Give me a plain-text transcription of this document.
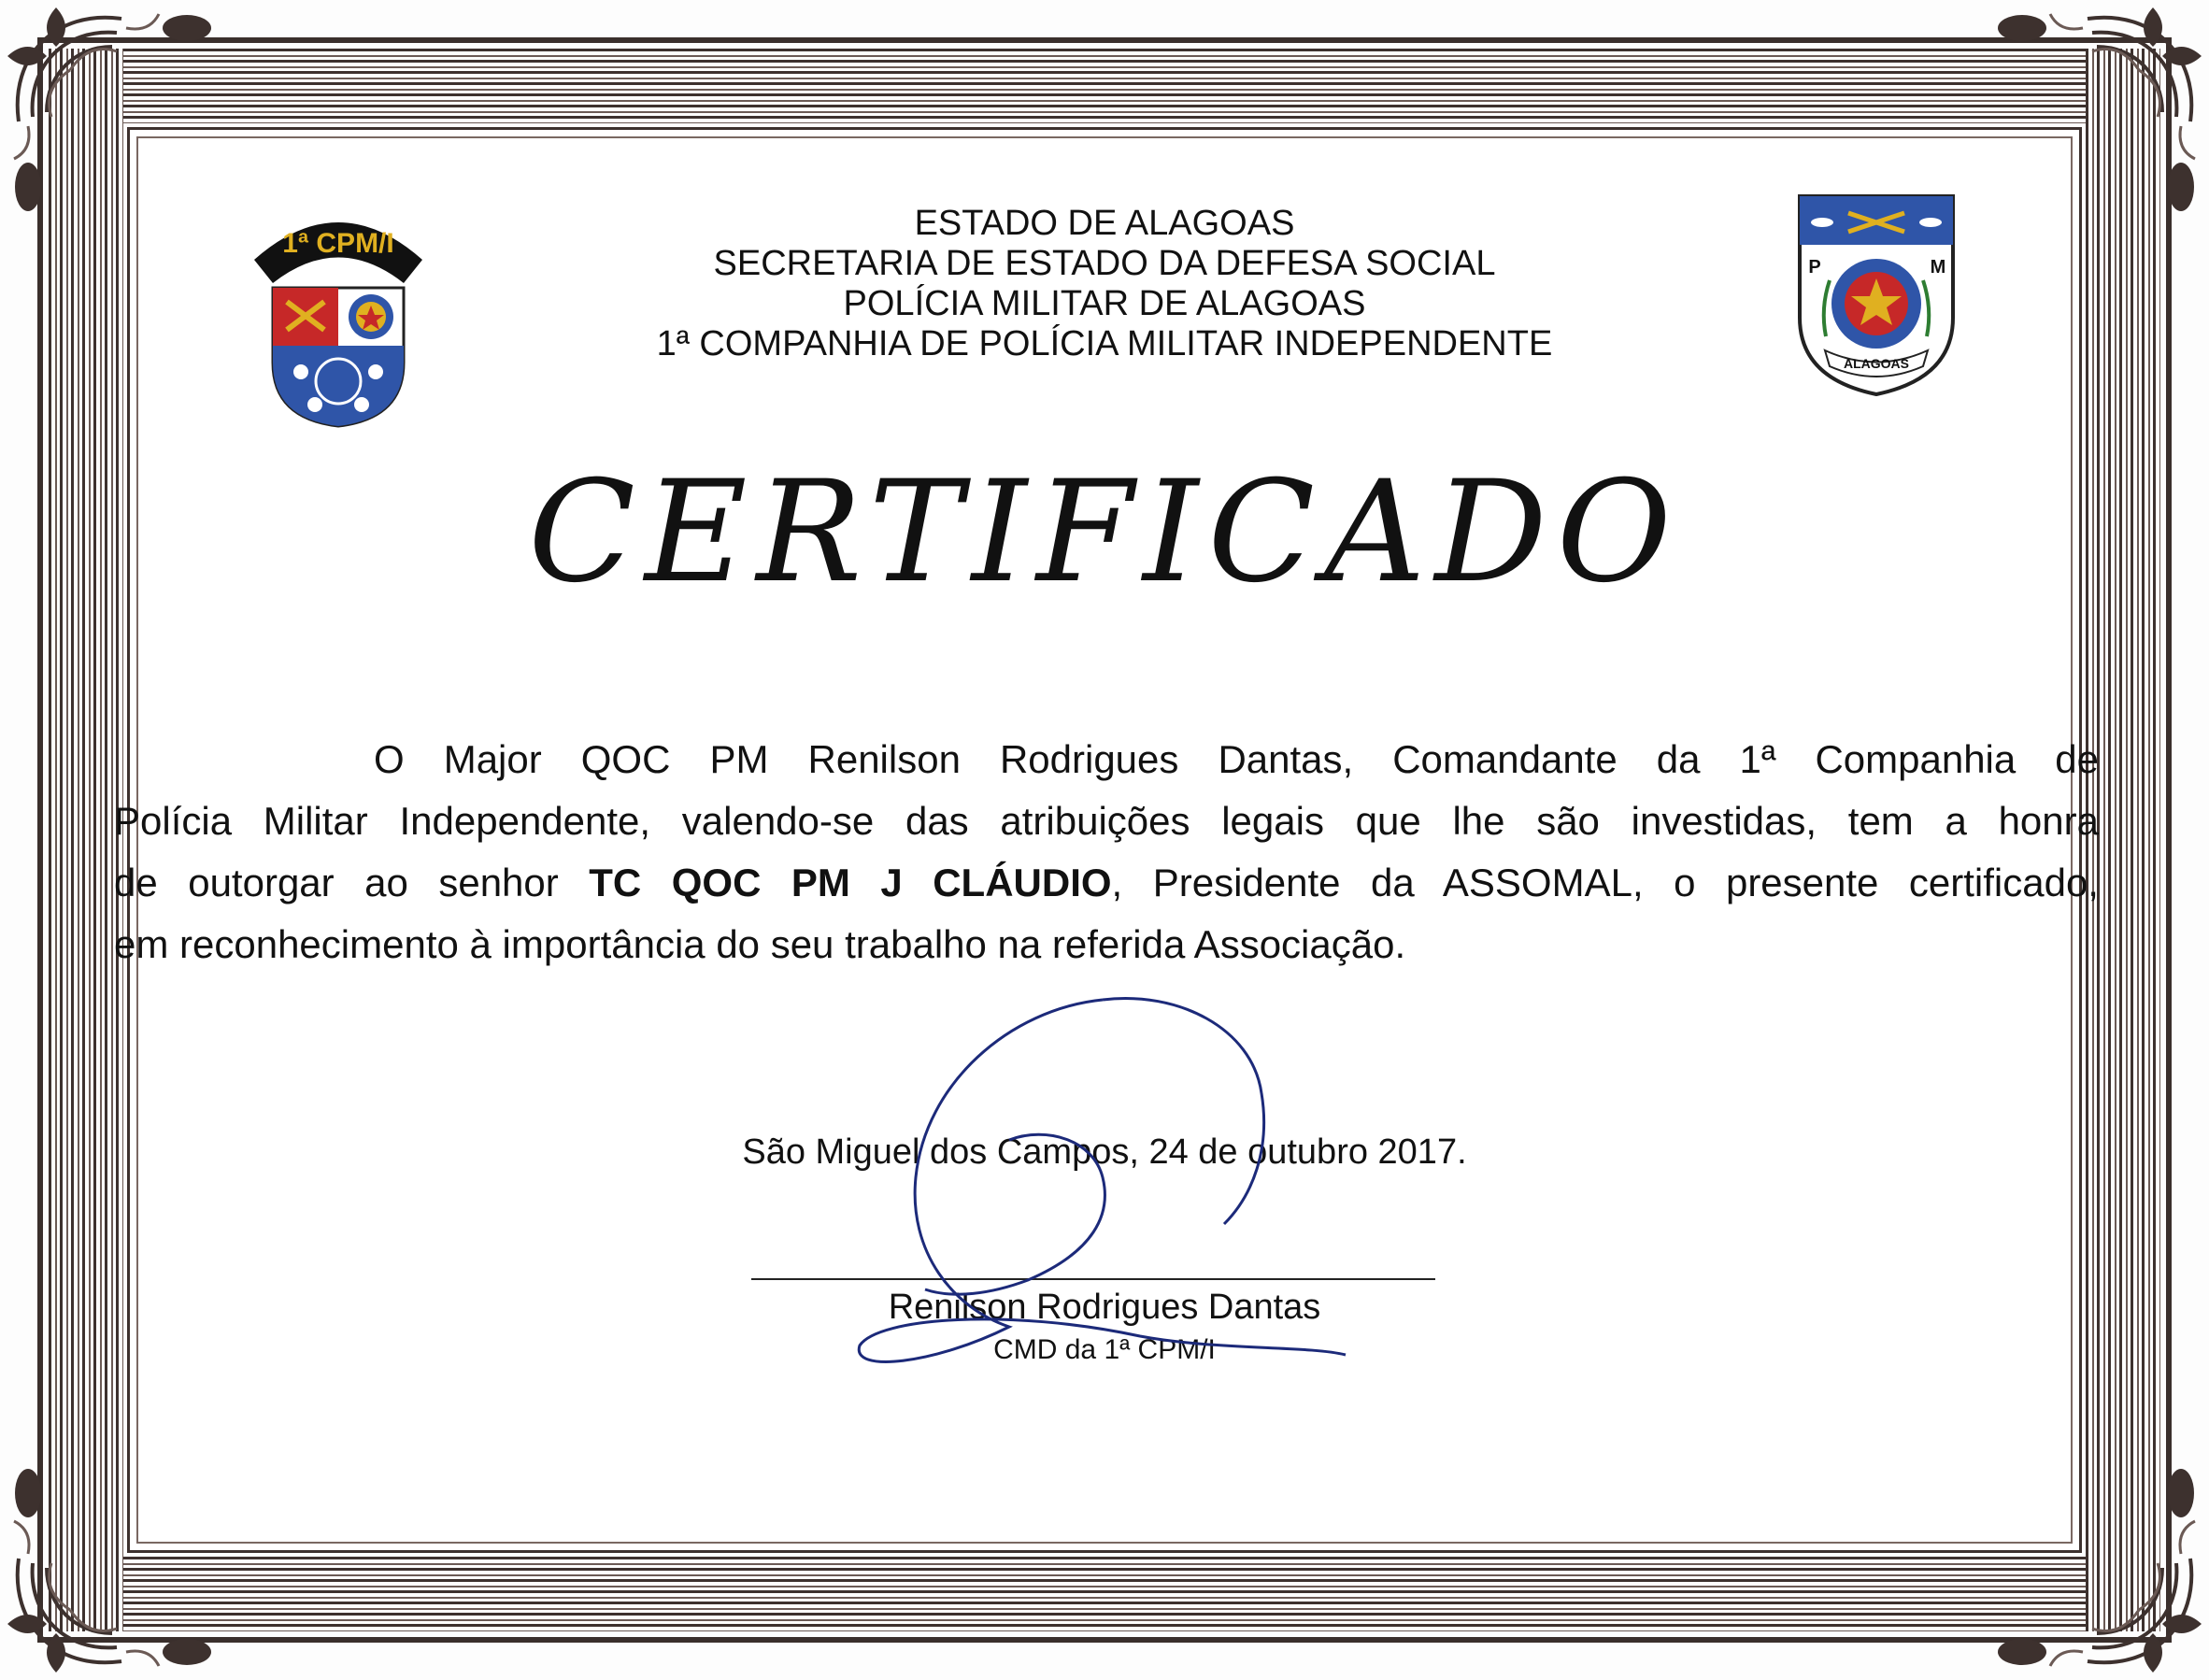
1ª CPM/I
P	M
ALAGOAS
ESTADO DE ALAGOAS
SECRETARIA DE ESTADO DA DEFESA SOCIAL
POLÍCIA MILITAR DE ALAGOAS
1ª COMPANHIA DE POLÍCIA MILITAR INDEPENDENTE
CERTIFICADO
O Major QOC PM Renilson Rodrigues Dantas, Comandante da 1ª Companhia de
Polícia Militar Independente, valendo-se das atribuições legais que lhe são investidas, tem a honra
de outorgar ao senhor TC QOC PM J CLÁUDIO, Presidente da ASSOMAL, o presente certificado,
em reconhecimento à importância do seu trabalho na referida Associação.
São Miguel dos Campos, 24 de outubro 2017.
Renilson Rodrigues Dantas
CMD da 1ª CPM/I
